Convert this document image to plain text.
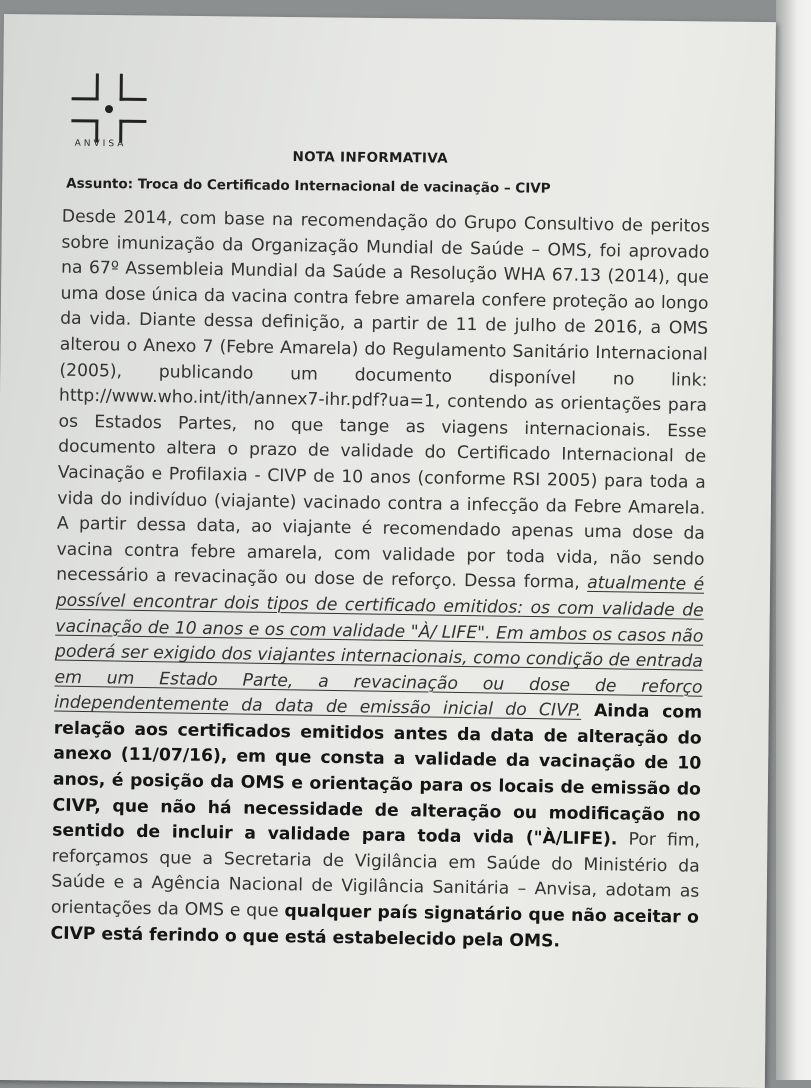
ANVISA
NOTA INFORMATIVA
Assunto: Troca do Certificado Internacional de vacinação – CIVP
Desde 2014, com base na recomendação do Grupo Consultivo de peritos sobre imunização da Organização Mundial de Saúde – OMS, foi aprovado na 67º Assembleia Mundial da Saúde a Resolução WHA 67.13 (2014), que uma dose única da vacina contra febre amarela confere proteção ao longo da vida. Diante dessa definição, a partir de 11 de julho de 2016, a OMS alterou o Anexo 7 (Febre Amarela) do Regulamento Sanitário Internacional (2005), publicando um documento disponível no link: http://www.who.int/ith/annex7-ihr.pdf?ua=1, contendo as orientações para os Estados Partes, no que tange as viagens internacionais. Esse documento altera o prazo de validade do Certificado Internacional de Vacinação e Profilaxia - CIVP de 10 anos (conforme RSI 2005) para toda a vida do indivíduo (viajante) vacinado contra a infecção da Febre Amarela. A partir dessa data, ao viajante é recomendado apenas uma dose da vacina contra febre amarela, com validade por toda vida, não sendo necessário a revacinação ou dose de reforço. Dessa forma, atualmente é possível encontrar dois tipos de certificado emitidos: os com validade de vacinação de 10 anos e os com validade "À/ LIFE". Em ambos os casos não poderá ser exigido dos viajantes internacionais, como condição de entrada em um Estado Parte, a revacinação ou dose de reforço independentemente da data de emissão inicial do CIVP. Ainda com relação aos certificados emitidos antes da data de alteração do anexo (11/07/16), em que consta a validade da vacinação de 10 anos, é posição da OMS e orientação para os locais de emissão do CIVP, que não há necessidade de alteração ou modificação no sentido de incluir a validade para toda vida ("À/LIFE). Por fim, reforçamos que a Secretaria de Vigilância em Saúde do Ministério da Saúde e a Agência Nacional de Vigilância Sanitária – Anvisa, adotam as orientações da OMS e que qualquer país signatário que não aceitar o CIVP está ferindo o que está estabelecido pela OMS.
